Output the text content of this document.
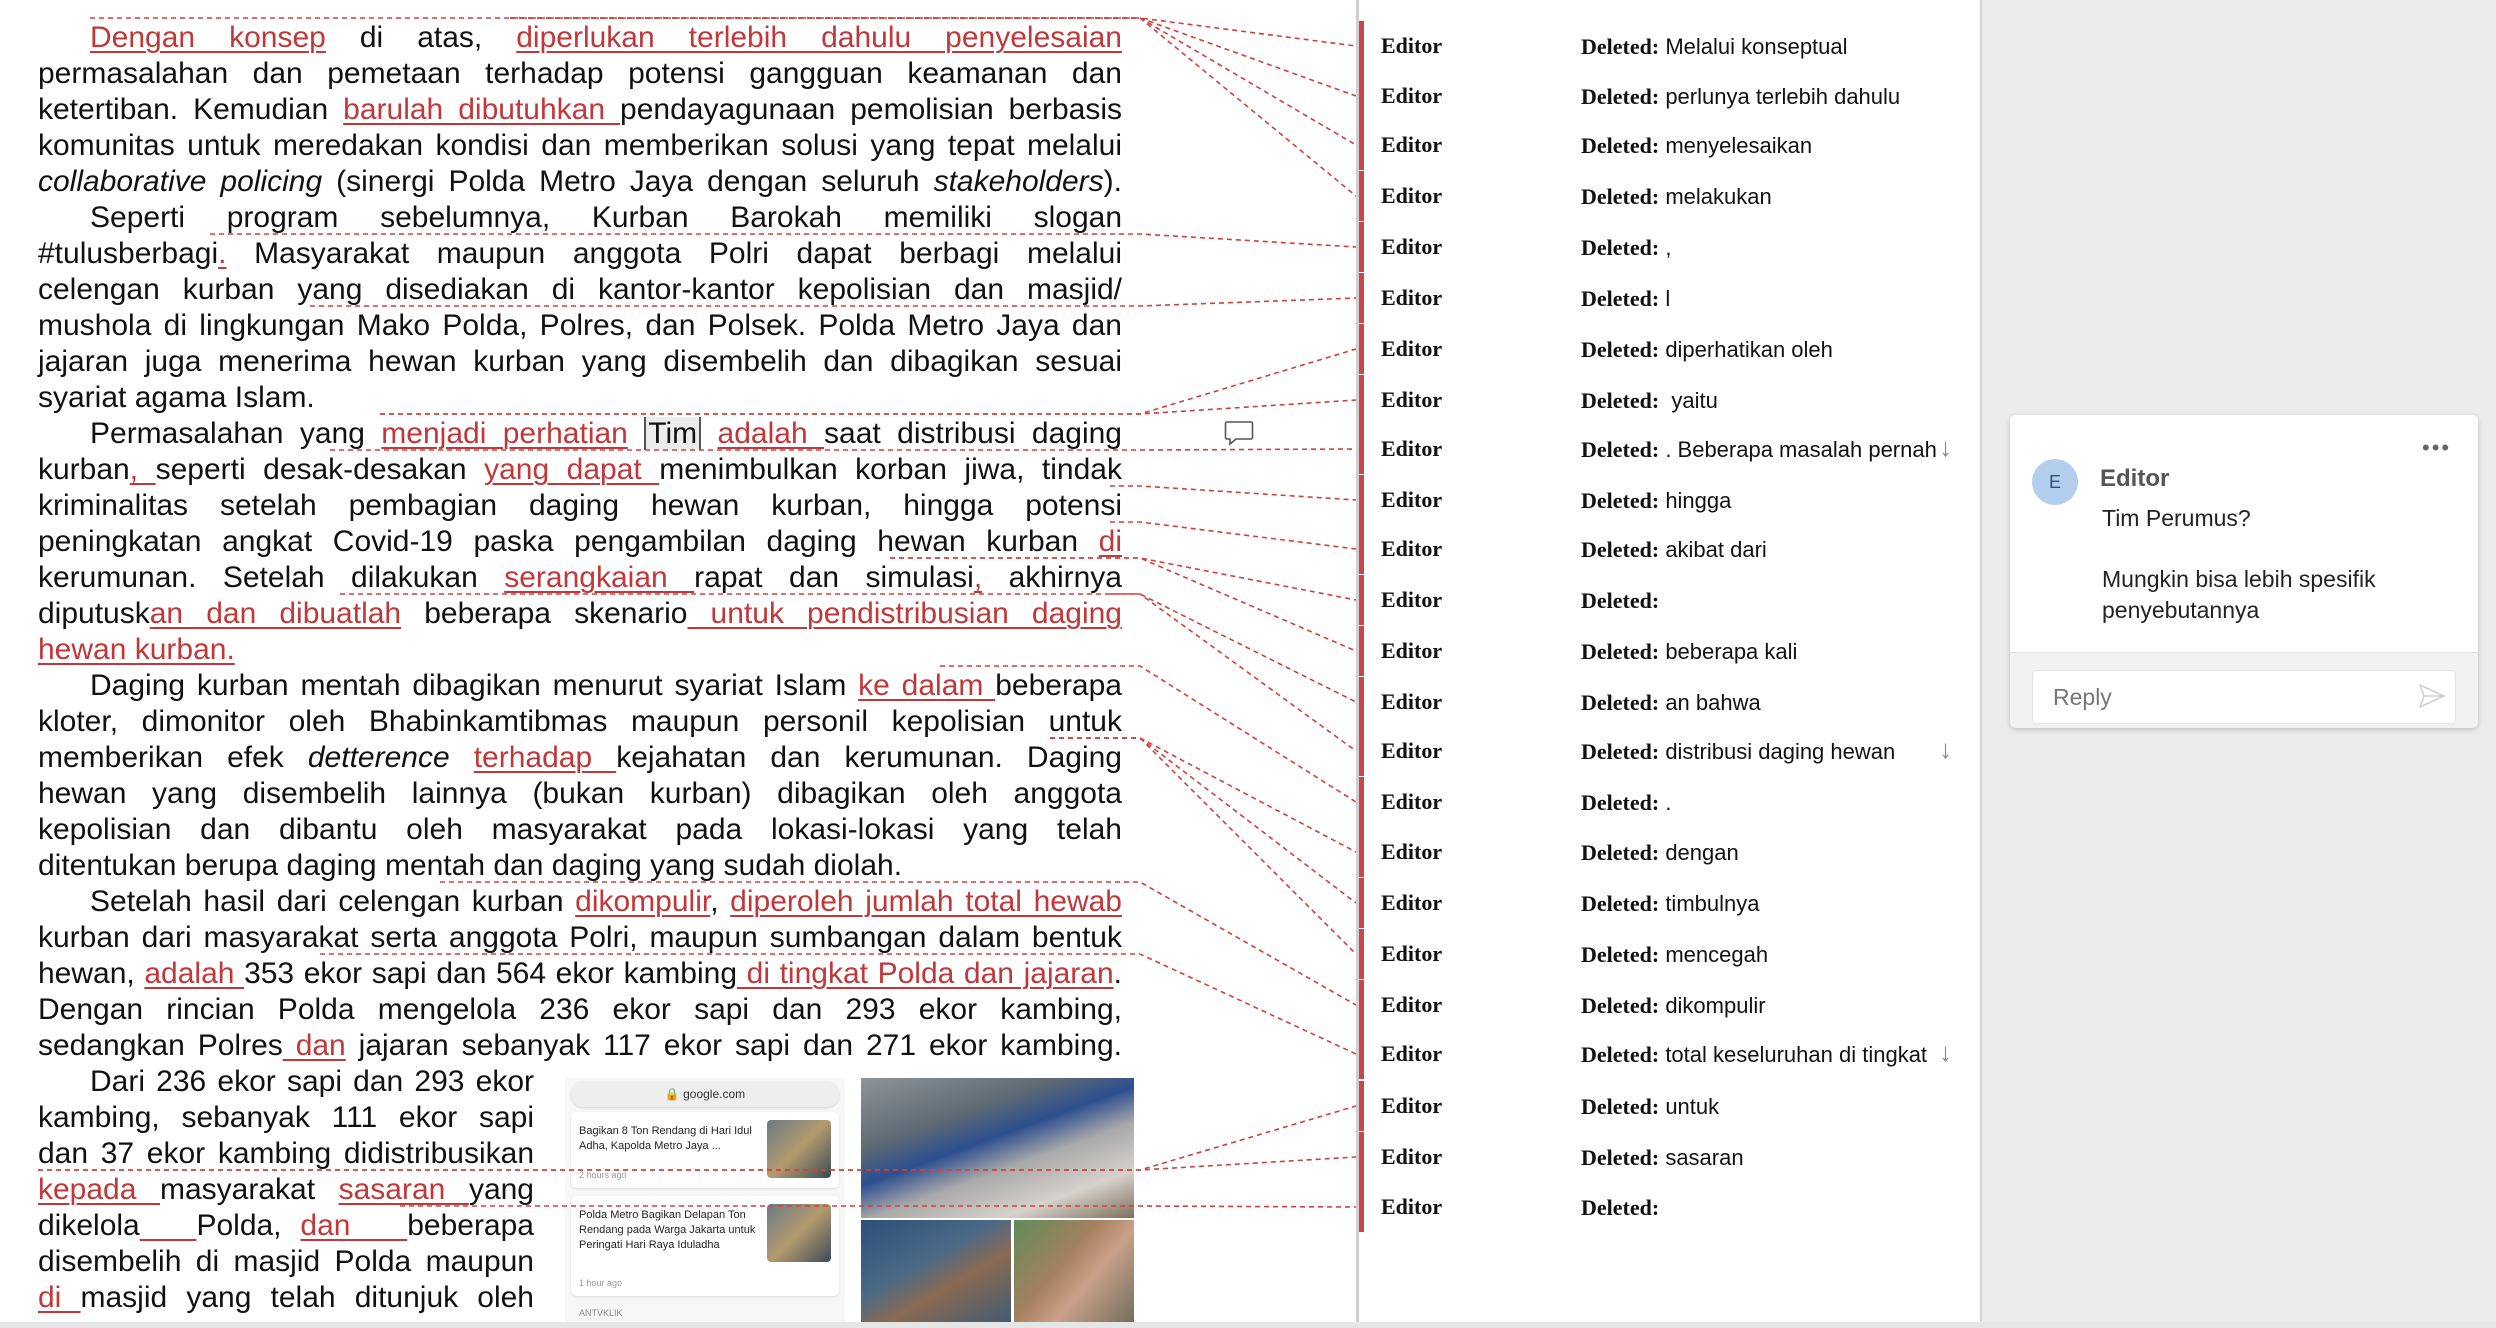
Dengan konsep di atas, diperlukan terlebih dahulu penyelesaian
permasalahan dan pemetaan terhadap potensi gangguan keamanan dan
ketertiban. Kemudian barulah dibutuhkan pendayagunaan pemolisian berbasis
komunitas untuk meredakan kondisi dan memberikan solusi yang tepat melalui
collaborative policing (sinergi Polda Metro Jaya dengan seluruh stakeholders).
Seperti program sebelumnya, Kurban Barokah memiliki slogan
#tulusberbagi. Masyarakat maupun anggota Polri dapat berbagi melalui
celengan kurban yang disediakan di kantor-kantor kepolisian dan masjid/
mushola di lingkungan Mako Polda, Polres, dan Polsek. Polda Metro Jaya dan
jajaran juga menerima hewan kurban yang disembelih dan dibagikan sesuai
syariat agama Islam.
Permasalahan yang menjadi perhatian Tim adalah saat distribusi daging
kurban, seperti desak-desakan yang dapat menimbulkan korban jiwa, tindak
kriminalitas setelah pembagian daging hewan kurban, hingga potensi
peningkatan angkat Covid-19 paska pengambilan daging hewan kurban di
kerumunan. Setelah dilakukan serangkaian rapat dan simulasi, akhirnya
diputuskan dan dibuatlah beberapa skenario untuk pendistribusian daging
hewan kurban.
Daging kurban mentah dibagikan menurut syariat Islam ke dalam beberapa
kloter, dimonitor oleh Bhabinkamtibmas maupun personil kepolisian untuk
memberikan efek detterence terhadap kejahatan dan kerumunan. Daging
hewan yang disembelih lainnya (bukan kurban) dibagikan oleh anggota
kepolisian dan dibantu oleh masyarakat pada lokasi-lokasi yang telah
ditentukan berupa daging mentah dan daging yang sudah diolah.
Setelah hasil dari celengan kurban dikompulir, diperoleh jumlah total hewab
kurban dari masyarakat serta anggota Polri, maupun sumbangan dalam bentuk
hewan, adalah 353 ekor sapi dan 564 ekor kambing di tingkat Polda dan jajaran.
Dengan rincian Polda mengelola 236 ekor sapi dan 293 ekor kambing,
sedangkan Polres dan jajaran sebanyak 117 ekor sapi dan 271 ekor kambing.
Dari 236 ekor sapi dan 293 ekor
kambing, sebanyak 111 ekor sapi
dan 37 ekor kambing didistribusikan
kepada masyarakat sasaran yang
dikelola Polda, dan   beberapa
disembelih di masjid Polda maupun
di masjid yang telah ditunjuk oleh
🔒 google.com
Bagikan 8 Ton Rendang di Hari Idul Adha, Kapolda Metro Jaya ...
2 hours ago
Polda Metro Bagikan Delapan Ton Rendang pada Warga Jakarta untuk Peringati Hari Raya Iduladha
1 hour ago
ANTVKLIK
Editor	Deleted: Melalui konseptual
Editor	Deleted: perlunya terlebih dahulu
Editor	Deleted: menyelesaikan
Editor	Deleted: melakukan
Editor	Deleted: ,
Editor	Deleted: l
Editor	Deleted: diperhatikan oleh
Editor	Deleted:  yaitu
Editor	Deleted: . Beberapa masalah pernah ↓
Editor	Deleted: hingga
Editor	Deleted: akibat dari
Editor	Deleted:
Editor	Deleted: beberapa kali
Editor	Deleted: an bahwa
Editor	Deleted: distribusi daging hewan	↓
Editor	Deleted: .
Editor	Deleted: dengan
Editor	Deleted: timbulnya
Editor	Deleted: mencegah
Editor	Deleted: dikompulir
Editor	Deleted: total keseluruhan di tingkat ↓
Editor	Deleted: untuk
Editor	Deleted: sasaran
Editor	Deleted:
E	Editor
•••

Tim Perumus?

Mungkin bisa lebih spesifik penyebutannya

Reply
